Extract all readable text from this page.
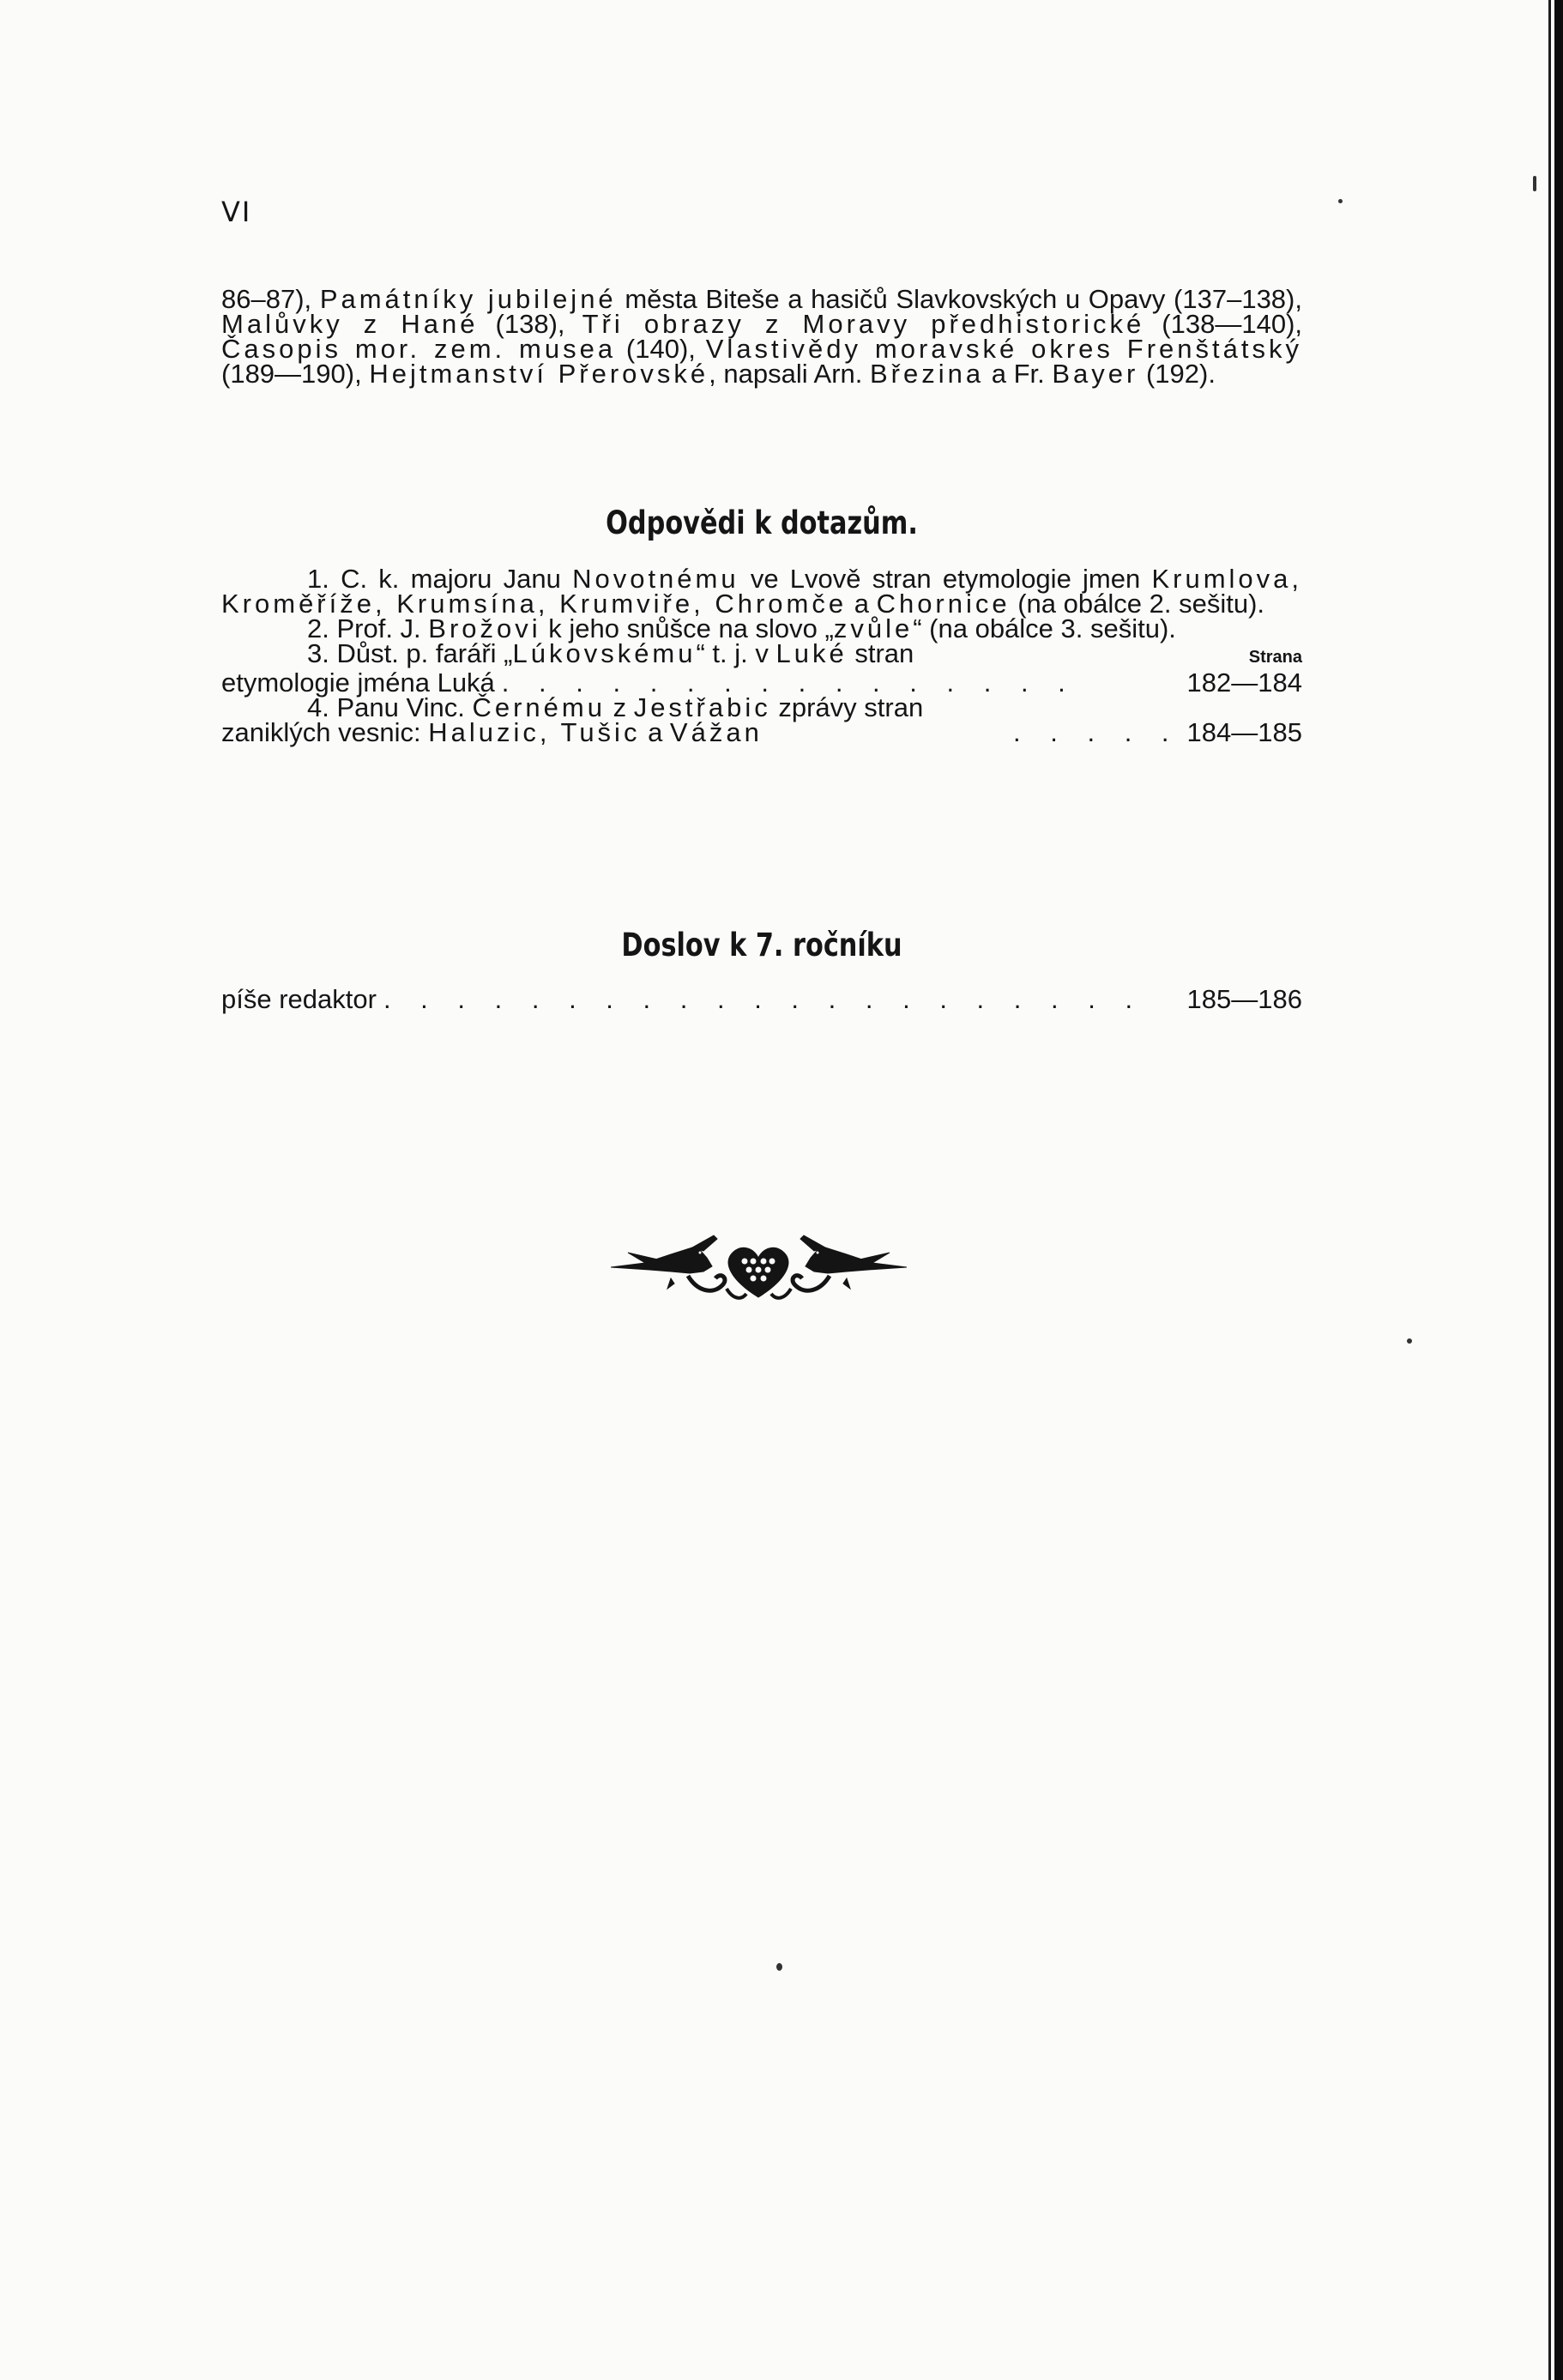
VI

86–87), Památníky jubilejné města Biteše a hasičů Slavkovských u Opavy (137–138), Malůvky z Hané (138), Tři obrazy z Moravy předhistorické (138—140), Časopis mor. zem. musea (140), Vlastivědy moravské okres Frenštátský (189—190), Hejtmanství Přerovské, napsali Arn. Březina a Fr. Bayer (192).

Odpovědi k dotazům.

1. C. k. majoru Janu Novotnému ve Lvově stran etymologie jmen Krumlova, Kroměříže, Krumsína, Krumviře, Chromče a Chornice (na obálce 2. sešitu).

2. Prof. J. Brožovi k jeho snůšce na slovo „zvůle“ (na obálce 3. sešitu).

3. Důst. p. faráři „Lúkovskému“ t. j. v Luké stran	Strana
etymologie jména Luká . . . . . . . . . . . . . . . .	182—184
4. Panu Vinc. Černému z Jestřabic zprávy stran
zaniklých vesnic: Haluzic, Tušic a Vážan	. . . . . 184—185
Doslov k 7. ročníku
píše redaktor . . . . . . . . . . . . . . . . . . . . .	185—186
